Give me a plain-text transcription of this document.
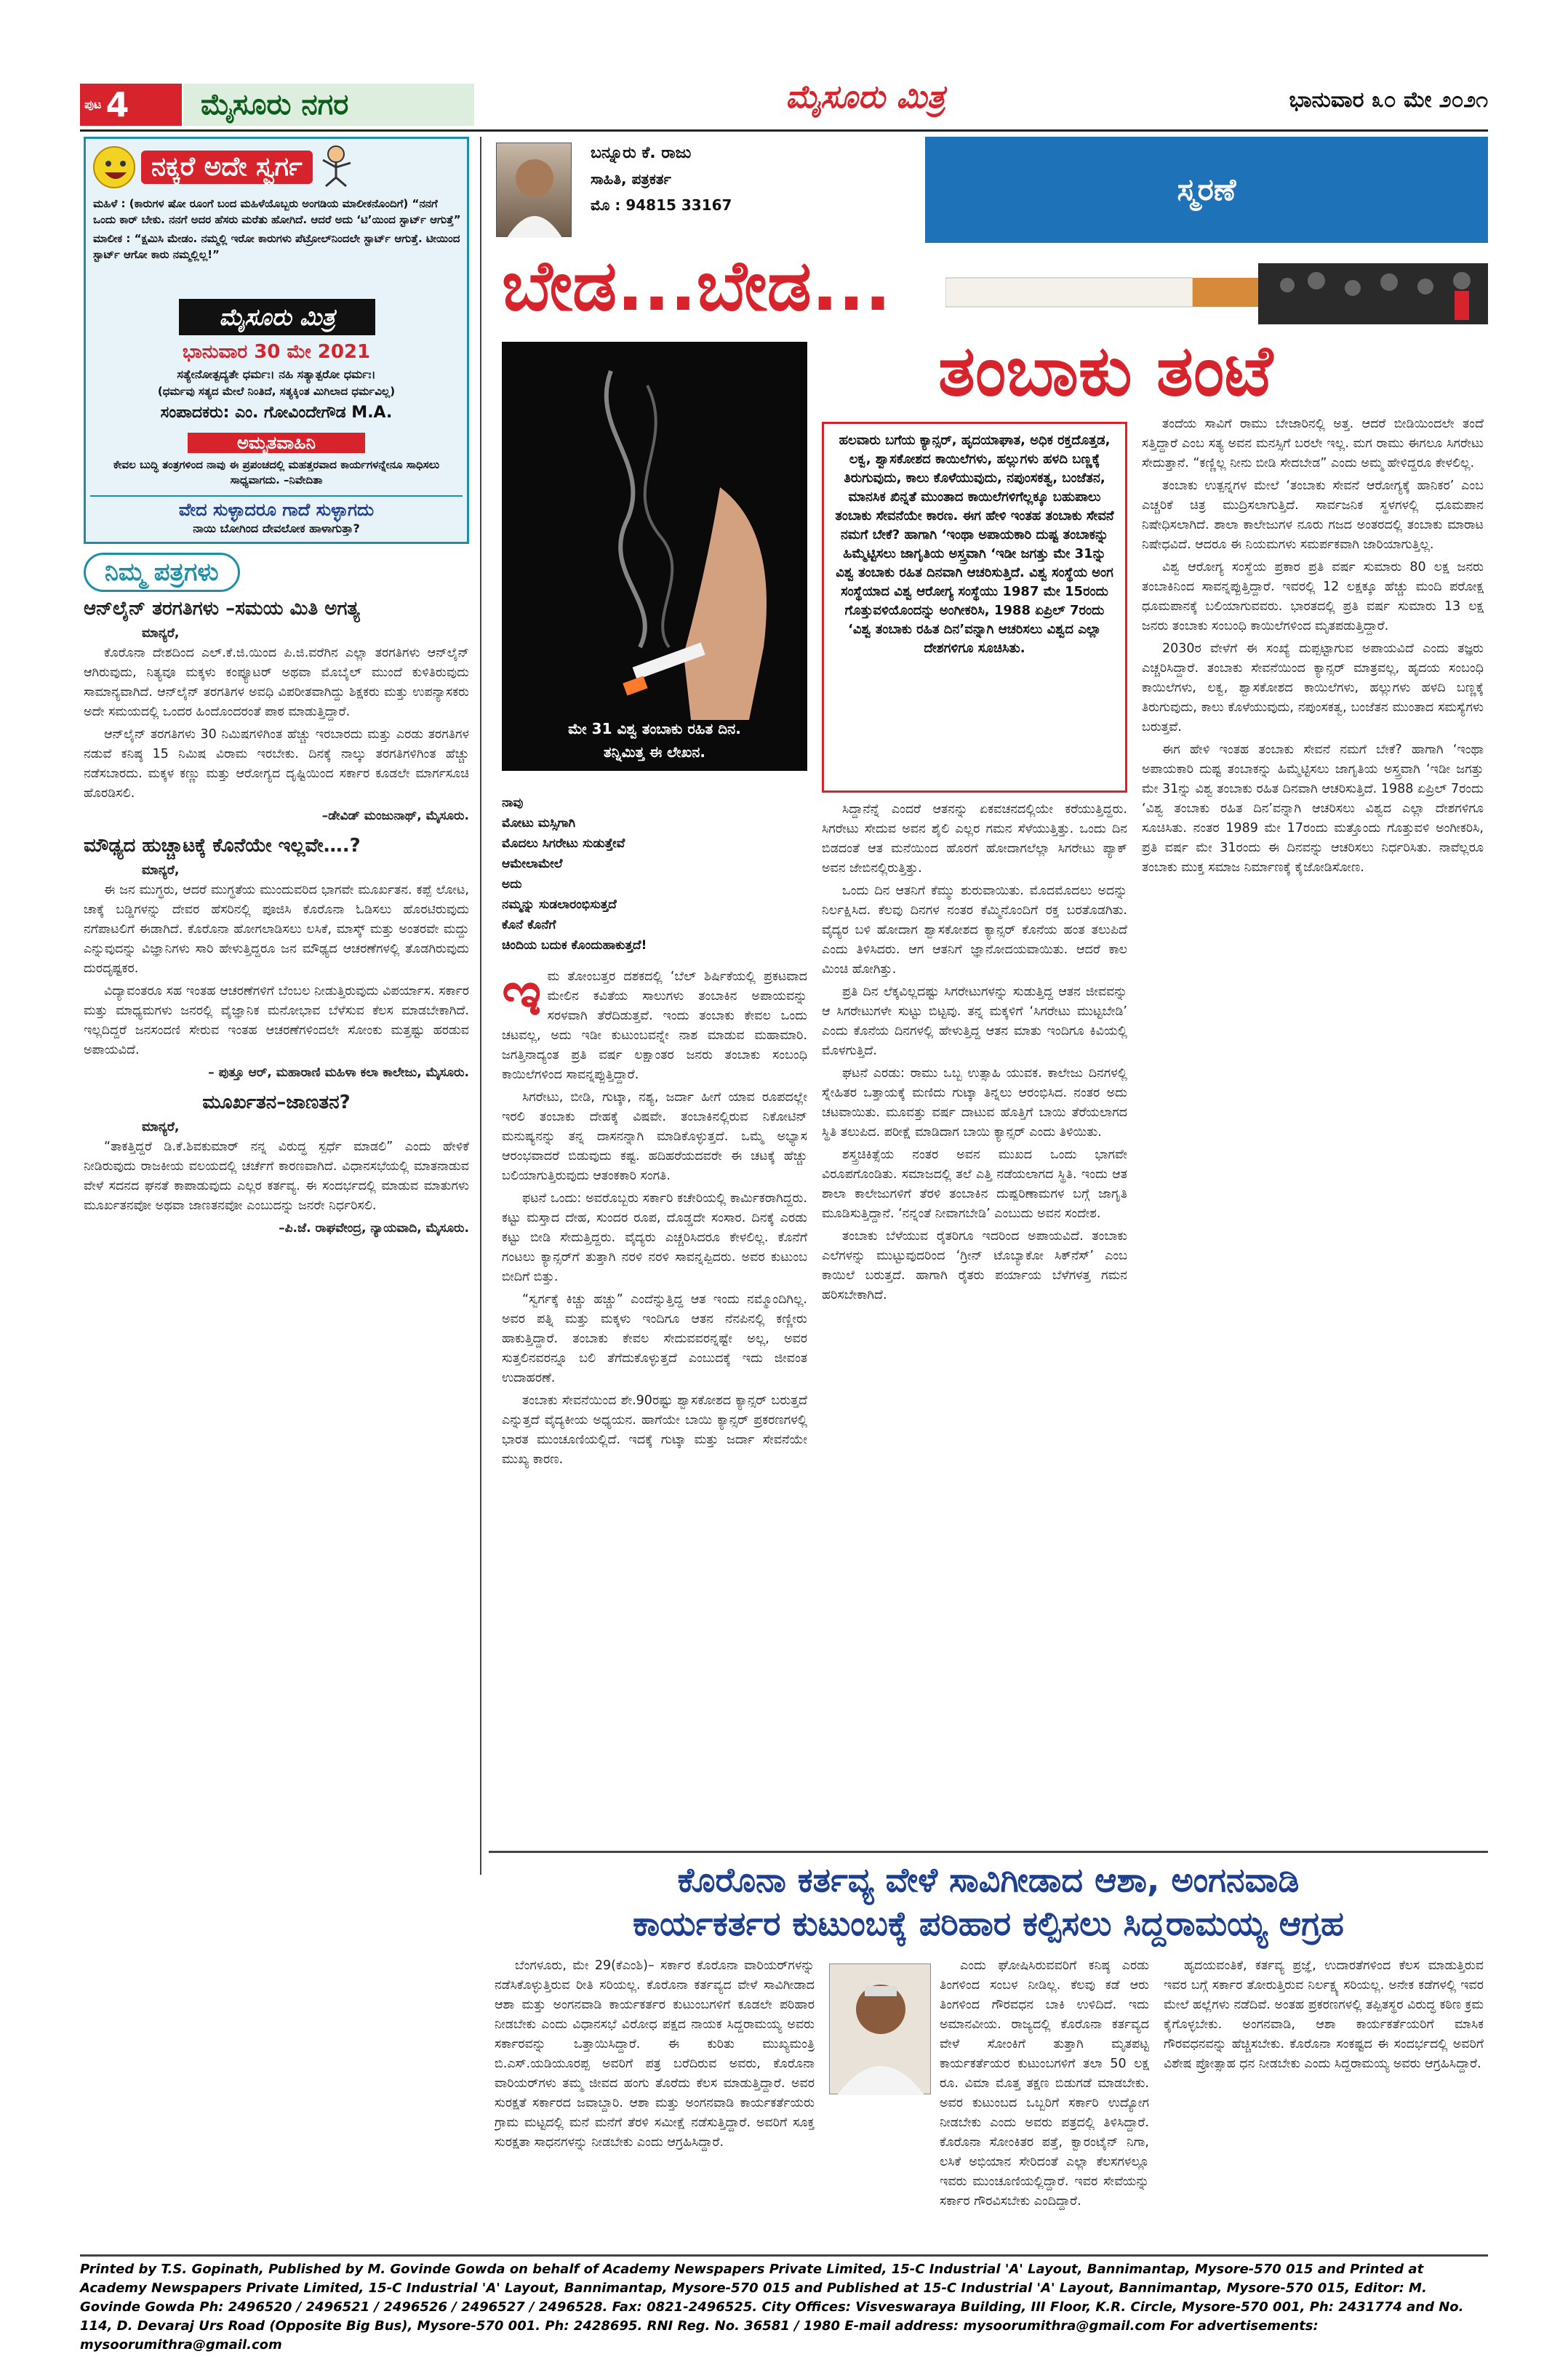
ಪುಟ 4 ಮೈಸೂರು ನಗರ	ಮೈಸೂರು ಮಿತ್ರ	ಭಾನುವಾರ ೩೦ ಮೇ ೨೦೨೧
ನಕ್ಕರೆ ಅದೇ ಸ್ವರ್ಗ

ಮಹಿಳೆ : (ಕಾರುಗಳ ಷೋ ರೂಂಗೆ ಬಂದ ಮಹಿಳೆಯೊಬ್ಬರು ಅಂಗಡಿಯ ಮಾಲೀಕನೊಂದಿಗೆ) “ನನಗೆ ಒಂದು ಕಾರ್ ಬೇಕು. ನನಗೆ ಅದರ ಹೆಸರು ಮರೆತು ಹೋಗಿದೆ. ಆದರೆ ಅದು ‘ಟಿ’ಯಿಂದ ಸ್ಟಾರ್ಟ್ ಆಗುತ್ತೆ”

ಮಾಲೀಕ : “ಕ್ಷಮಿಸಿ ಮೇಡಂ. ನಮ್ಮಲ್ಲಿ ಇರೋ ಕಾರುಗಳು ಪೆಟ್ರೋಲ್‌ನಿಂದಲೇ ಸ್ಟಾರ್ಟ್ ಆಗುತ್ತೆ. ಟೀಯಿಂದ ಸ್ಟಾರ್ಟ್ ಆಗೋ ಕಾರು ನಮ್ಮಲ್ಲಿಲ್ಲ!”

ಮೈಸೂರು ಮಿತ್ರ
ಭಾನುವಾರ 30 ಮೇ 2021
ಸತ್ಯೇನೋತ್ಪದ್ಯತೇ ಧರ್ಮಃ। ನಹಿ ಸತ್ಯಾತ್ಪರೋ ಧರ್ಮಃ।
(ಧರ್ಮವು ಸತ್ಯದ ಮೇಲೆ ನಿಂತಿದೆ, ಸತ್ಯಕ್ಕಿಂತ ಮಿಗಿಲಾದ ಧರ್ಮವಿಲ್ಲ)
ಸಂಪಾದಕರು: ಎಂ. ಗೋವಿಂದೇಗೌಡ M.A.
ಅಮೃತವಾಹಿನಿ
ಕೇವಲ ಬುದ್ಧಿ ತಂತ್ರಗಳಿಂದ ನಾವು ಈ ಪ್ರಪಂಚದಲ್ಲಿ ಮಹತ್ತರವಾದ ಕಾರ್ಯಗಳನ್ನೇನೂ ಸಾಧಿಸಲು ಸಾಧ್ಯವಾಗದು. –ನಿವೇದಿತಾ
ವೇದ ಸುಳ್ಳಾದರೂ ಗಾದೆ ಸುಳ್ಳಾಗದು
ನಾಯಿ ಬೋಗಿಂದ ದೇವಲೋಕ ಹಾಳಾಗುತ್ತಾ?
ನಿಮ್ಮ ಪತ್ರಗಳು
ಆನ್‌ಲೈನ್ ತರಗತಿಗಳು –ಸಮಯ ಮಿತಿ ಅಗತ್ಯ
ಮಾನ್ಯರೆ,

ಕೊರೊನಾ ದೇಶದಿಂದ ಎಲ್.ಕೆ.ಜಿ.ಯಿಂದ ಪಿ.ಜಿ.ವರೆಗಿನ ಎಲ್ಲಾ ತರಗತಿಗಳು ಆನ್‌ಲೈನ್ ಆಗಿರುವುದು, ನಿತ್ಯವೂ ಮಕ್ಕಳು ಕಂಪ್ಯೂಟರ್ ಅಥವಾ ಮೊಬೈಲ್ ಮುಂದೆ ಕುಳಿತಿರುವುದು ಸಾಮಾನ್ಯವಾಗಿದೆ. ಆನ್‌ಲೈನ್ ತರಗತಿಗಳ ಅವಧಿ ವಿಪರೀತವಾಗಿದ್ದು ಶಿಕ್ಷಕರು ಮತ್ತು ಉಪನ್ಯಾಸಕರು ಅದೇ ಸಮಯದಲ್ಲಿ ಒಂದರ ಹಿಂದೊಂದರಂತೆ ಪಾಠ ಮಾಡುತ್ತಿದ್ದಾರೆ.

ಆನ್‌ಲೈನ್ ತರಗತಿಗಳು 30 ನಿಮಿಷಗಳಿಗಿಂತ ಹೆಚ್ಚು ಇರಬಾರದು ಮತ್ತು ಎರಡು ತರಗತಿಗಳ ನಡುವೆ ಕನಿಷ್ಠ 15 ನಿಮಿಷ ವಿರಾಮ ಇರಬೇಕು. ದಿನಕ್ಕೆ ನಾಲ್ಕು ತರಗತಿಗಳಿಗಿಂತ ಹೆಚ್ಚು ನಡೆಸಬಾರದು. ಮಕ್ಕಳ ಕಣ್ಣು ಮತ್ತು ಆರೋಗ್ಯದ ದೃಷ್ಟಿಯಿಂದ ಸರ್ಕಾರ ಕೂಡಲೇ ಮಾರ್ಗಸೂಚಿ ಹೊರಡಿಸಲಿ.

–ಡೇವಿಡ್ ಮಂಜುನಾಥ್, ಮೈಸೂರು.
ಮೌಢ್ಯದ ಹುಚ್ಚಾಟಕ್ಕೆ ಕೊನೆಯೇ ಇಲ್ಲವೇ….?
ಮಾನ್ಯರೆ,

ಈ ಜನ ಮುಗ್ಧರು, ಆದರೆ ಮುಗ್ಧತೆಯ ಮುಂದುವರಿದ ಭಾಗವೇ ಮೂರ್ಖತನ. ಕಪ್ಪೆ ಲೋಟ, ಚಾಕ್ಕೆ ಬಡ್ಡಿಗಳನ್ನು ದೇವರ ಹೆಸರಿನಲ್ಲಿ ಪೂಜಿಸಿ ಕೊರೊನಾ ಓಡಿಸಲು ಹೊರಟಿರುವುದು ನಗೆಪಾಟಲಿಗೆ ಈಡಾಗಿದೆ. ಕೊರೊನಾ ಹೋಗಲಾಡಿಸಲು ಲಸಿಕೆ, ಮಾಸ್ಕ್ ಮತ್ತು ಅಂತರವೇ ಮದ್ದು ಎನ್ನುವುದನ್ನು ವಿಜ್ಞಾನಿಗಳು ಸಾರಿ ಹೇಳುತ್ತಿದ್ದರೂ ಜನ ಮೌಢ್ಯದ ಆಚರಣೆಗಳಲ್ಲಿ ತೊಡಗಿರುವುದು ದುರದೃಷ್ಟಕರ.

ವಿದ್ಯಾವಂತರೂ ಸಹ ಇಂತಹ ಆಚರಣೆಗಳಿಗೆ ಬೆಂಬಲ ನೀಡುತ್ತಿರುವುದು ವಿಪರ್ಯಾಸ. ಸರ್ಕಾರ ಮತ್ತು ಮಾಧ್ಯಮಗಳು ಜನರಲ್ಲಿ ವೈಜ್ಞಾನಿಕ ಮನೋಭಾವ ಬೆಳೆಸುವ ಕೆಲಸ ಮಾಡಬೇಕಾಗಿದೆ. ಇಲ್ಲದಿದ್ದರೆ ಜನಸಂದಣಿ ಸೇರುವ ಇಂತಹ ಆಚರಣೆಗಳಿಂದಲೇ ಸೋಂಕು ಮತ್ತಷ್ಟು ಹರಡುವ ಅಪಾಯವಿದೆ.

– ಪುತ್ತೂ ಆರ್, ಮಹಾರಾಣಿ ಮಹಿಳಾ ಕಲಾ ಕಾಲೇಜು, ಮೈಸೂರು.
ಮೂರ್ಖತನ–ಜಾಣತನ?
ಮಾನ್ಯರೆ,

“ತಾಕತ್ತಿದ್ದರೆ ಡಿ.ಕೆ.ಶಿವಕುಮಾರ್ ನನ್ನ ವಿರುದ್ಧ ಸ್ಪರ್ಧೆ ಮಾಡಲಿ” ಎಂದು ಹೇಳಿಕೆ ನೀಡಿರುವುದು ರಾಜಕೀಯ ವಲಯದಲ್ಲಿ ಚರ್ಚೆಗೆ ಕಾರಣವಾಗಿದೆ. ವಿಧಾನಸಭೆಯಲ್ಲಿ ಮಾತನಾಡುವ ವೇಳೆ ಸದನದ ಘನತೆ ಕಾಪಾಡುವುದು ಎಲ್ಲರ ಕರ್ತವ್ಯ. ಈ ಸಂದರ್ಭದಲ್ಲಿ ಮಾಡುವ ಮಾತುಗಳು ಮೂರ್ಖತನವೋ ಅಥವಾ ಜಾಣತನವೋ ಎಂಬುದನ್ನು ಜನರೇ ನಿರ್ಧರಿಸಲಿ.

–ಪಿ.ಜೆ. ರಾಘವೇಂದ್ರ, ನ್ಯಾಯವಾದಿ, ಮೈಸೂರು.
ಬನ್ನೂರು ಕೆ. ರಾಜು
ಸಾಹಿತಿ, ಪತ್ರಕರ್ತ
ಮೊ : 94815 33167	ಸ್ಮರಣೆ
ಬೇಡ...ಬೇಡ...
ತಂಬಾಕು ತಂಟೆ
ಮೇ 31 ವಿಶ್ವ ತಂಬಾಕು ರಹಿತ ದಿನ.
ತನ್ನಿಮಿತ್ತ ಈ ಲೇಖನ.
ಹಲವಾರು ಬಗೆಯ ಕ್ಯಾನ್ಸರ್, ಹೃದಯಾಘಾತ, ಅಧಿಕ ರಕ್ತದೊತ್ತಡ, ಲಕ್ವ, ಶ್ವಾಸಕೋಶದ ಕಾಯಿಲೆಗಳು, ಹಲ್ಲುಗಳು ಹಳದಿ ಬಣ್ಣಕ್ಕೆ ತಿರುಗುವುದು, ಕಾಲು ಕೊಳೆಯುವುದು, ನಪುಂಸಕತ್ವ, ಬಂಜೆತನ, ಮಾನಸಿಕ ಖಿನ್ನತೆ ಮುಂತಾದ ಕಾಯಿಲೆಗಳಿಗೆಲ್ಲಕ್ಕೂ ಬಹುಪಾಲು ತಂಬಾಕು ಸೇವನೆಯೇ ಕಾರಣ. ಈಗ ಹೇಳಿ ಇಂತಹ ತಂಬಾಕು ಸೇವನೆ ನಮಗೆ ಬೇಕೆ? ಹಾಗಾಗಿ ‘ಇಂಥಾ ಅಪಾಯಕಾರಿ ದುಷ್ಟ ತಂಬಾಕನ್ನು ಹಿಮ್ಮೆಟ್ಟಿಸಲು ಜಾಗೃತಿಯ ಅಸ್ತ್ರವಾಗಿ ‘ಇಡೀ ಜಗತ್ತು ಮೇ 31ನ್ನು ವಿಶ್ವ ತಂಬಾಕು ರಹಿತ ದಿನವಾಗಿ ಆಚರಿಸುತ್ತಿದೆ. ವಿಶ್ವ ಸಂಸ್ಥೆಯ ಅಂಗ ಸಂಸ್ಥೆಯಾದ ವಿಶ್ವ ಆರೋಗ್ಯ ಸಂಸ್ಥೆಯು 1987 ಮೇ 15ರಂದು ಗೊತ್ತುವಳಿಯೊಂದನ್ನು ಅಂಗೀಕರಿಸಿ, 1988 ಏಪ್ರಿಲ್ 7ರಂದು ‘ವಿಶ್ವ ತಂಬಾಕು ರಹಿತ ದಿನ’ವನ್ನಾಗಿ ಆಚರಿಸಲು ವಿಶ್ವದ ಎಲ್ಲಾ ದೇಶಗಳಿಗೂ ಸೂಚಿಸಿತು.
ನಾವು
ಮೋಟು ಮಸ್ಸಿಗಾಗಿ
ಮೊದಲು ಸಿಗರೇಟು ಸುಡುತ್ತೇವೆ
ಆಮೇಲಾಮೇಲೆ
ಅದು
ನಮ್ಮನ್ನು ಸುಡಲಾರಂಭಿಸುತ್ತದೆ
ಕೊನೆ ಕೊನೆಗೆ
ಚಿಂದಿಯ ಬದುಕ ಕೊಂದುಹಾಕುತ್ತದೆ!

ಇಮ ತೋಂಬತ್ತರ ದಶಕದಲ್ಲಿ ‘ಬೆಲ್ ಶಿರ್ಷಿಕೆಯಲ್ಲಿ ಪ್ರಕಟವಾದ ಮೇಲಿನ ಕವಿತೆಯ ಸಾಲುಗಳು ತಂಬಾಕಿನ ಅಪಾಯವನ್ನು ಸರಳವಾಗಿ ತೆರೆದಿಡುತ್ತವೆ. ಇಂದು ತಂಬಾಕು ಕೇವಲ ಒಂದು ಚಟವಲ್ಲ, ಅದು ಇಡೀ ಕುಟುಂಬವನ್ನೇ ನಾಶ ಮಾಡುವ ಮಹಾಮಾರಿ. ಜಗತ್ತಿನಾದ್ಯಂತ ಪ್ರತಿ ವರ್ಷ ಲಕ್ಷಾಂತರ ಜನರು ತಂಬಾಕು ಸಂಬಂಧಿ ಕಾಯಿಲೆಗಳಿಂದ ಸಾವನ್ನಪ್ಪುತ್ತಿದ್ದಾರೆ.

ಸಿಗರೇಟು, ಬೀಡಿ, ಗುಟ್ಕಾ, ನಶ್ಯ, ಜರ್ದಾ ಹೀಗೆ ಯಾವ ರೂಪದಲ್ಲೇ ಇರಲಿ ತಂಬಾಕು ದೇಹಕ್ಕೆ ವಿಷವೇ. ತಂಬಾಕಿನಲ್ಲಿರುವ ನಿಕೋಟಿನ್ ಮನುಷ್ಯನನ್ನು ತನ್ನ ದಾಸನನ್ನಾಗಿ ಮಾಡಿಕೊಳ್ಳುತ್ತದೆ. ಒಮ್ಮೆ ಅಭ್ಯಾಸ ಆರಂಭವಾದರೆ ಬಿಡುವುದು ಕಷ್ಟ. ಹದಿಹರೆಯದವರೇ ಈ ಚಟಕ್ಕೆ ಹೆಚ್ಚು ಬಲಿಯಾಗುತ್ತಿರುವುದು ಆತಂಕಕಾರಿ ಸಂಗತಿ.

ಫಟನೆ ಒಂದು: ಅವರೊಬ್ಬರು ಸರ್ಕಾರಿ ಕಚೇರಿಯಲ್ಲಿ ಕಾರ್ಮಿಕರಾಗಿದ್ದರು. ಕಟ್ಟು ಮಸ್ತಾದ ದೇಹ, ಸುಂದರ ರೂಪ, ದೊಡ್ಡದೇ ಸಂಸಾರ. ದಿನಕ್ಕೆ ಎರಡು ಕಟ್ಟು ಬೀಡಿ ಸೇದುತ್ತಿದ್ದರು. ವೈದ್ಯರು ಎಚ್ಚರಿಸಿದರೂ ಕೇಳಲಿಲ್ಲ. ಕೊನೆಗೆ ಗಂಟಲು ಕ್ಯಾನ್ಸರ್‌ಗೆ ತುತ್ತಾಗಿ ನರಳಿ ನರಳಿ ಸಾವನ್ನಪ್ಪಿದರು. ಅವರ ಕುಟುಂಬ ಬೀದಿಗೆ ಬಿತ್ತು.

“ಸ್ವರ್ಗಕ್ಕೆ ಕಿಚ್ಚು ಹಚ್ಚು” ಎಂದೆನ್ನುತ್ತಿದ್ದ ಆತ ಇಂದು ನಮ್ಮೊಂದಿಗಿಲ್ಲ. ಅವರ ಪತ್ನಿ ಮತ್ತು ಮಕ್ಕಳು ಇಂದಿಗೂ ಆತನ ನೆನಪಿನಲ್ಲಿ ಕಣ್ಣೀರು ಹಾಕುತ್ತಿದ್ದಾರೆ. ತಂಬಾಕು ಕೇವಲ ಸೇದುವವರನ್ನಷ್ಟೇ ಅಲ್ಲ, ಅವರ ಸುತ್ತಲಿನವರನ್ನೂ ಬಲಿ ತೆಗೆದುಕೊಳ್ಳುತ್ತದೆ ಎಂಬುದಕ್ಕೆ ಇದು ಜೀವಂತ ಉದಾಹರಣೆ.

ತಂಬಾಕು ಸೇವನೆಯಿಂದ ಶೇ.90ರಷ್ಟು ಶ್ವಾಸಕೋಶದ ಕ್ಯಾನ್ಸರ್ ಬರುತ್ತದೆ ಎನ್ನುತ್ತದೆ ವೈದ್ಯಕೀಯ ಅಧ್ಯಯನ. ಹಾಗೆಯೇ ಬಾಯಿ ಕ್ಯಾನ್ಸರ್ ಪ್ರಕರಣಗಳಲ್ಲಿ ಭಾರತ ಮುಂಚೂಣಿಯಲ್ಲಿದೆ. ಇದಕ್ಕೆ ಗುಟ್ಕಾ ಮತ್ತು ಜರ್ದಾ ಸೇವನೆಯೇ ಮುಖ್ಯ ಕಾರಣ.

ಸಿದ್ದಾನೆನ್ನೆ ಎಂದರೆ ಆತನನ್ನು ಏಕವಚನದಲ್ಲಿಯೇ ಕರೆಯುತ್ತಿದ್ದರು. ಸಿಗರೇಟು ಸೇದುವ ಅವನ ಶೈಲಿ ಎಲ್ಲರ ಗಮನ ಸೆಳೆಯುತ್ತಿತ್ತು. ಒಂದು ದಿನ ಬಿಡದಂತೆ ಆತ ಮನೆಯಿಂದ ಹೊರಗೆ ಹೋದಾಗಲೆಲ್ಲಾ ಸಿಗರೇಟು ಪ್ಯಾಕ್ ಅವನ ಜೇಬಿನಲ್ಲಿರುತ್ತಿತ್ತು.

ಒಂದು ದಿನ ಆತನಿಗೆ ಕೆಮ್ಮು ಶುರುವಾಯಿತು. ಮೊದಮೊದಲು ಅದನ್ನು ನಿರ್ಲಕ್ಷಿಸಿದ. ಕೆಲವು ದಿನಗಳ ನಂತರ ಕೆಮ್ಮಿನೊಂದಿಗೆ ರಕ್ತ ಬರತೊಡಗಿತು. ವೈದ್ಯರ ಬಳಿ ಹೋದಾಗ ಶ್ವಾಸಕೋಶದ ಕ್ಯಾನ್ಸರ್ ಕೊನೆಯ ಹಂತ ತಲುಪಿದೆ ಎಂದು ತಿಳಿಸಿದರು. ಆಗ ಆತನಿಗೆ ಜ್ಞಾನೋದಯವಾಯಿತು. ಆದರೆ ಕಾಲ ಮಿಂಚಿ ಹೋಗಿತ್ತು.

ಪ್ರತಿ ದಿನ ಲೆಕ್ಕವಿಲ್ಲದಷ್ಟು ಸಿಗರೇಟುಗಳನ್ನು ಸುಡುತ್ತಿದ್ದ ಆತನ ಜೀವವನ್ನು ಆ ಸಿಗರೇಟುಗಳೇ ಸುಟ್ಟು ಬಿಟ್ಟವು. ತನ್ನ ಮಕ್ಕಳಿಗೆ ‘ಸಿಗರೇಟು ಮುಟ್ಟಬೇಡಿ’ ಎಂದು ಕೊನೆಯ ದಿನಗಳಲ್ಲಿ ಹೇಳುತ್ತಿದ್ದ ಆತನ ಮಾತು ಇಂದಿಗೂ ಕಿವಿಯಲ್ಲಿ ಮೊಳಗುತ್ತಿದೆ.

ಘಟನೆ ಎರಡು: ರಾಮು ಒಬ್ಬ ಉತ್ಸಾಹಿ ಯುವಕ. ಕಾಲೇಜು ದಿನಗಳಲ್ಲಿ ಸ್ನೇಹಿತರ ಒತ್ತಾಯಕ್ಕೆ ಮಣಿದು ಗುಟ್ಕಾ ತಿನ್ನಲು ಆರಂಭಿಸಿದ. ನಂತರ ಅದು ಚಟವಾಯಿತು. ಮೂವತ್ತು ವರ್ಷ ದಾಟುವ ಹೊತ್ತಿಗೆ ಬಾಯಿ ತೆರೆಯಲಾಗದ ಸ್ಥಿತಿ ತಲುಪಿದ. ಪರೀಕ್ಷೆ ಮಾಡಿದಾಗ ಬಾಯಿ ಕ್ಯಾನ್ಸರ್ ಎಂದು ತಿಳಿಯಿತು.

ಶಸ್ತ್ರಚಿಕಿತ್ಸೆಯ ನಂತರ ಅವನ ಮುಖದ ಒಂದು ಭಾಗವೇ ವಿರೂಪಗೊಂಡಿತು. ಸಮಾಜದಲ್ಲಿ ತಲೆ ಎತ್ತಿ ನಡೆಯಲಾಗದ ಸ್ಥಿತಿ. ಇಂದು ಆತ ಶಾಲಾ ಕಾಲೇಜುಗಳಿಗೆ ತೆರಳಿ ತಂಬಾಕಿನ ದುಷ್ಪರಿಣಾಮಗಳ ಬಗ್ಗೆ ಜಾಗೃತಿ ಮೂಡಿಸುತ್ತಿದ್ದಾನೆ. ‘ನನ್ನಂತೆ ನೀವಾಗಬೇಡಿ’ ಎಂಬುದು ಅವನ ಸಂದೇಶ.

ತಂಬಾಕು ಬೆಳೆಯುವ ರೈತರಿಗೂ ಇದರಿಂದ ಅಪಾಯವಿದೆ. ತಂಬಾಕು ಎಲೆಗಳನ್ನು ಮುಟ್ಟುವುದರಿಂದ ‘ಗ್ರೀನ್ ಟೊಬ್ಯಾಕೋ ಸಿಕ್‌ನೆಸ್’ ಎಂಬ ಕಾಯಿಲೆ ಬರುತ್ತದೆ. ಹಾಗಾಗಿ ರೈತರು ಪರ್ಯಾಯ ಬೆಳೆಗಳತ್ತ ಗಮನ ಹರಿಸಬೇಕಾಗಿದೆ.

ತಂದೆಯ ಸಾವಿಗೆ ರಾಮು ಬೇಜಾರಿನಲ್ಲಿ ಅತ್ತ. ಆದರೆ ಬೀಡಿಯಿಂದಲೇ ತಂದೆ ಸತ್ತಿದ್ದಾರೆ ಎಂಬ ಸತ್ಯ ಅವನ ಮನಸ್ಸಿಗೆ ಬರಲೇ ಇಲ್ಲ. ಮಗ ರಾಮು ಈಗಲೂ ಸಿಗರೇಟು ಸೇದುತ್ತಾನೆ. “ಕಣ್ಣಿಲ್ಲ ನೀನು ಬೀಡಿ ಸೇದಬೇಡ” ಎಂದು ಅಮ್ಮ ಹೇಳಿದ್ದರೂ ಕೇಳಲಿಲ್ಲ.

ತಂಬಾಕು ಉತ್ಪನ್ನಗಳ ಮೇಲೆ ‘ತಂಬಾಕು ಸೇವನೆ ಆರೋಗ್ಯಕ್ಕೆ ಹಾನಿಕರ’ ಎಂಬ ಎಚ್ಚರಿಕೆ ಚಿತ್ರ ಮುದ್ರಿಸಲಾಗುತ್ತಿದೆ. ಸಾರ್ವಜನಿಕ ಸ್ಥಳಗಳಲ್ಲಿ ಧೂಮಪಾನ ನಿಷೇಧಿಸಲಾಗಿದೆ. ಶಾಲಾ ಕಾಲೇಜುಗಳ ನೂರು ಗಜದ ಅಂತರದಲ್ಲಿ ತಂಬಾಕು ಮಾರಾಟ ನಿಷೇಧವಿದೆ. ಆದರೂ ಈ ನಿಯಮಗಳು ಸಮರ್ಪಕವಾಗಿ ಜಾರಿಯಾಗುತ್ತಿಲ್ಲ.

ವಿಶ್ವ ಆರೋಗ್ಯ ಸಂಸ್ಥೆಯ ಪ್ರಕಾರ ಪ್ರತಿ ವರ್ಷ ಸುಮಾರು 80 ಲಕ್ಷ ಜನರು ತಂಬಾಕಿನಿಂದ ಸಾವನ್ನಪ್ಪುತ್ತಿದ್ದಾರೆ. ಇವರಲ್ಲಿ 12 ಲಕ್ಷಕ್ಕೂ ಹೆಚ್ಚು ಮಂದಿ ಪರೋಕ್ಷ ಧೂಮಪಾನಕ್ಕೆ ಬಲಿಯಾಗುವವರು. ಭಾರತದಲ್ಲಿ ಪ್ರತಿ ವರ್ಷ ಸುಮಾರು 13 ಲಕ್ಷ ಜನರು ತಂಬಾಕು ಸಂಬಂಧಿ ಕಾಯಿಲೆಗಳಿಂದ ಮೃತಪಡುತ್ತಿದ್ದಾರೆ.

2030ರ ವೇಳೆಗೆ ಈ ಸಂಖ್ಯೆ ದುಪ್ಪಟ್ಟಾಗುವ ಅಪಾಯವಿದೆ ಎಂದು ತಜ್ಞರು ಎಚ್ಚರಿಸಿದ್ದಾರೆ. ತಂಬಾಕು ಸೇವನೆಯಿಂದ ಕ್ಯಾನ್ಸರ್ ಮಾತ್ರವಲ್ಲ, ಹೃದಯ ಸಂಬಂಧಿ ಕಾಯಿಲೆಗಳು, ಲಕ್ವ, ಶ್ವಾಸಕೋಶದ ಕಾಯಿಲೆಗಳು, ಹಲ್ಲುಗಳು ಹಳದಿ ಬಣ್ಣಕ್ಕೆ ತಿರುಗುವುದು, ಕಾಲು ಕೊಳೆಯುವುದು, ನಪುಂಸಕತ್ವ, ಬಂಜೆತನ ಮುಂತಾದ ಸಮಸ್ಯೆಗಳು ಬರುತ್ತವೆ.

ಈಗ ಹೇಳಿ ಇಂತಹ ತಂಬಾಕು ಸೇವನೆ ನಮಗೆ ಬೇಕೆ? ಹಾಗಾಗಿ ‘ಇಂಥಾ ಅಪಾಯಕಾರಿ ದುಷ್ಟ ತಂಬಾಕನ್ನು ಹಿಮ್ಮೆಟ್ಟಿಸಲು ಜಾಗೃತಿಯ ಅಸ್ತ್ರವಾಗಿ ‘ಇಡೀ ಜಗತ್ತು ಮೇ 31ನ್ನು ವಿಶ್ವ ತಂಬಾಕು ರಹಿತ ದಿನವಾಗಿ ಆಚರಿಸುತ್ತಿದೆ. 1988 ಏಪ್ರಿಲ್ 7ರಂದು ‘ವಿಶ್ವ ತಂಬಾಕು ರಹಿತ ದಿನ’ವನ್ನಾಗಿ ಆಚರಿಸಲು ವಿಶ್ವದ ಎಲ್ಲಾ ದೇಶಗಳಿಗೂ ಸೂಚಿಸಿತು. ನಂತರ 1989 ಮೇ 17ರಂದು ಮತ್ತೊಂದು ಗೊತ್ತುವಳಿ ಅಂಗೀಕರಿಸಿ, ಪ್ರತಿ ವರ್ಷ ಮೇ 31ರಂದು ಈ ದಿನವನ್ನು ಆಚರಿಸಲು ನಿರ್ಧರಿಸಿತು. ನಾವೆಲ್ಲರೂ ತಂಬಾಕು ಮುಕ್ತ ಸಮಾಜ ನಿರ್ಮಾಣಕ್ಕೆ ಕೈಜೋಡಿಸೋಣ.

ಕೊರೊನಾ ಕರ್ತವ್ಯ ವೇಳೆ ಸಾವಿಗೀಡಾದ ಆಶಾ, ಅಂಗನವಾಡಿ
ಕಾರ್ಯಕರ್ತರ ಕುಟುಂಬಕ್ಕೆ ಪರಿಹಾರ ಕಲ್ಪಿಸಲು ಸಿದ್ದರಾಮಯ್ಯ ಆಗ್ರಹ

ಬೆಂಗಳೂರು, ಮೇ 29(ಕೆಎಂಶಿ)– ಸರ್ಕಾರ ಕೊರೊನಾ ವಾರಿಯರ್‌ಗಳನ್ನು ನಡೆಸಿಕೊಳ್ಳುತ್ತಿರುವ ರೀತಿ ಸರಿಯಲ್ಲ. ಕೊರೊನಾ ಕರ್ತವ್ಯದ ವೇಳೆ ಸಾವಿಗೀಡಾದ ಆಶಾ ಮತ್ತು ಅಂಗನವಾಡಿ ಕಾರ್ಯಕರ್ತರ ಕುಟುಂಬಗಳಿಗೆ ಕೂಡಲೇ ಪರಿಹಾರ ನೀಡಬೇಕು ಎಂದು ವಿಧಾನಸಭೆ ವಿರೋಧ ಪಕ್ಷದ ನಾಯಕ ಸಿದ್ದರಾಮಯ್ಯ ಅವರು ಸರ್ಕಾರವನ್ನು ಒತ್ತಾಯಿಸಿದ್ದಾರೆ. ಈ ಕುರಿತು ಮುಖ್ಯಮಂತ್ರಿ ಬಿ.ಎಸ್.ಯಡಿಯೂರಪ್ಪ ಅವರಿಗೆ ಪತ್ರ ಬರೆದಿರುವ ಅವರು, ಕೊರೊನಾ ವಾರಿಯರ್‌ಗಳು ತಮ್ಮ ಜೀವದ ಹಂಗು ತೊರೆದು ಕೆಲಸ ಮಾಡುತ್ತಿದ್ದಾರೆ. ಅವರ ಸುರಕ್ಷತೆ ಸರ್ಕಾರದ ಜವಾಬ್ದಾರಿ. ಆಶಾ ಮತ್ತು ಅಂಗನವಾಡಿ ಕಾರ್ಯಕರ್ತೆಯರು ಗ್ರಾಮ ಮಟ್ಟದಲ್ಲಿ ಮನೆ ಮನೆಗೆ ತೆರಳಿ ಸಮೀಕ್ಷೆ ನಡೆಸುತ್ತಿದ್ದಾರೆ. ಅವರಿಗೆ ಸೂಕ್ತ ಸುರಕ್ಷತಾ ಸಾಧನಗಳನ್ನು ನೀಡಬೇಕು ಎಂದು ಆಗ್ರಹಿಸಿದ್ದಾರೆ.

ಎಂದು ಘೋಷಿಸಿರುವವರಿಗೆ ಕನಿಷ್ಠ ಎರಡು ತಿಂಗಳಿಂದ ಸಂಬಳ ನೀಡಿಲ್ಲ. ಕೆಲವು ಕಡೆ ಆರು ತಿಂಗಳಿಂದ ಗೌರವಧನ ಬಾಕಿ ಉಳಿದಿದೆ. ಇದು ಅಮಾನವೀಯ. ರಾಜ್ಯದಲ್ಲಿ ಕೊರೊನಾ ಕರ್ತವ್ಯದ ವೇಳೆ ಸೋಂಕಿಗೆ ತುತ್ತಾಗಿ ಮೃತಪಟ್ಟ ಕಾರ್ಯಕರ್ತೆಯರ ಕುಟುಂಬಗಳಿಗೆ ತಲಾ 50 ಲಕ್ಷ ರೂ. ವಿಮಾ ಮೊತ್ತ ತಕ್ಷಣ ಬಿಡುಗಡೆ ಮಾಡಬೇಕು. ಅವರ ಕುಟುಂಬದ ಒಬ್ಬರಿಗೆ ಸರ್ಕಾರಿ ಉದ್ಯೋಗ ನೀಡಬೇಕು ಎಂದು ಅವರು ಪತ್ರದಲ್ಲಿ ತಿಳಿಸಿದ್ದಾರೆ. ಕೊರೊನಾ ಸೋಂಕಿತರ ಪತ್ತೆ, ಕ್ವಾರಂಟೈನ್ ನಿಗಾ, ಲಸಿಕೆ ಅಭಿಯಾನ ಸೇರಿದಂತೆ ಎಲ್ಲಾ ಕೆಲಸಗಳಲ್ಲೂ ಇವರು ಮುಂಚೂಣಿಯಲ್ಲಿದ್ದಾರೆ. ಇವರ ಸೇವೆಯನ್ನು ಸರ್ಕಾರ ಗೌರವಿಸಬೇಕು ಎಂದಿದ್ದಾರೆ.

ಹೃದಯವಂತಿಕೆ, ಕರ್ತವ್ಯ ಪ್ರಜ್ಞೆ, ಉದಾರತೆಗಳಿಂದ ಕೆಲಸ ಮಾಡುತ್ತಿರುವ ಇವರ ಬಗ್ಗೆ ಸರ್ಕಾರ ತೋರುತ್ತಿರುವ ನಿರ್ಲಕ್ಷ್ಯ ಸರಿಯಲ್ಲ. ಅನೇಕ ಕಡೆಗಳಲ್ಲಿ ಇವರ ಮೇಲೆ ಹಲ್ಲೆಗಳು ನಡೆದಿವೆ. ಅಂತಹ ಪ್ರಕರಣಗಳಲ್ಲಿ ತಪ್ಪಿತಸ್ಥರ ವಿರುದ್ಧ ಕಠಿಣ ಕ್ರಮ ಕೈಗೊಳ್ಳಬೇಕು. ಅಂಗನವಾಡಿ, ಆಶಾ ಕಾರ್ಯಕರ್ತೆಯರಿಗೆ ಮಾಸಿಕ ಗೌರವಧನವನ್ನು ಹೆಚ್ಚಿಸಬೇಕು. ಕೊರೊನಾ ಸಂಕಷ್ಟದ ಈ ಸಂದರ್ಭದಲ್ಲಿ ಅವರಿಗೆ ವಿಶೇಷ ಪ್ರೋತ್ಸಾಹ ಧನ ನೀಡಬೇಕು ಎಂದು ಸಿದ್ದರಾಮಯ್ಯ ಅವರು ಆಗ್ರಹಿಸಿದ್ದಾರೆ.

Printed by T.S. Gopinath, Published by M. Govinde Gowda on behalf of Academy Newspapers Private Limited, 15-C Industrial 'A' Layout, Bannimantap, Mysore-570 015 and Printed at Academy Newspapers Private Limited, 15-C Industrial 'A' Layout, Bannimantap, Mysore-570 015 and Published at 15-C Industrial 'A' Layout, Bannimantap, Mysore-570 015, Editor: M. Govinde Gowda Ph: 2496520 / 2496521 / 2496526 / 2496527 / 2496528. Fax: 0821-2496525. City Offices: Visveswaraya Building, III Floor, K.R. Circle, Mysore-570 001, Ph: 2431774 and No. 114, D. Devaraj Urs Road (Opposite Big Bus), Mysore-570 001. Ph: 2428695. RNI Reg. No. 36581 / 1980 E-mail address: mysoorumithra@gmail.com For advertisements: mysoorumithra@gmail.com
